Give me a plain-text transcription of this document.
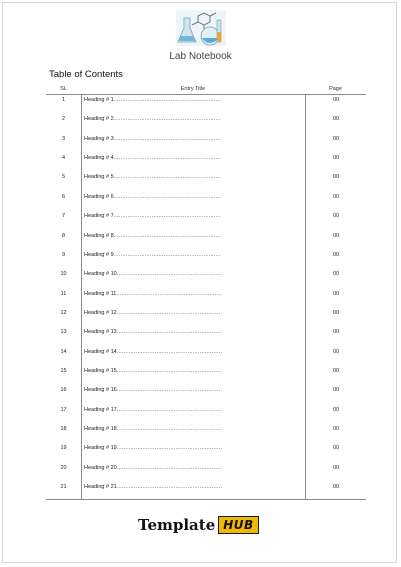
Lab Notebook
Table of Contents
SL	Entry Title	Page
1	Heading # 1..............................................................	00
2	Heading # 2..............................................................	00
3	Heading # 3..............................................................	00
4	Heading # 4..............................................................	00
5	Heading # 5..............................................................	00
6	Heading # 6..............................................................	00
7	Heading # 7..............................................................	00
8	Heading # 8..............................................................	00
9	Heading # 9..............................................................	00
10	Heading # 10.............................................................	00
11	Heading # 11.............................................................	00
12	Heading # 12.............................................................	00
13	Heading # 13.............................................................	00
14	Heading # 14.............................................................	00
15	Heading # 15.............................................................	00
16	Heading # 16.............................................................	00
17	Heading # 17.............................................................	00
18	Heading # 18.............................................................	00
19	Heading # 19.............................................................	00
20	Heading # 20.............................................................	00
21	Heading # 21.............................................................	00
Template HUB
